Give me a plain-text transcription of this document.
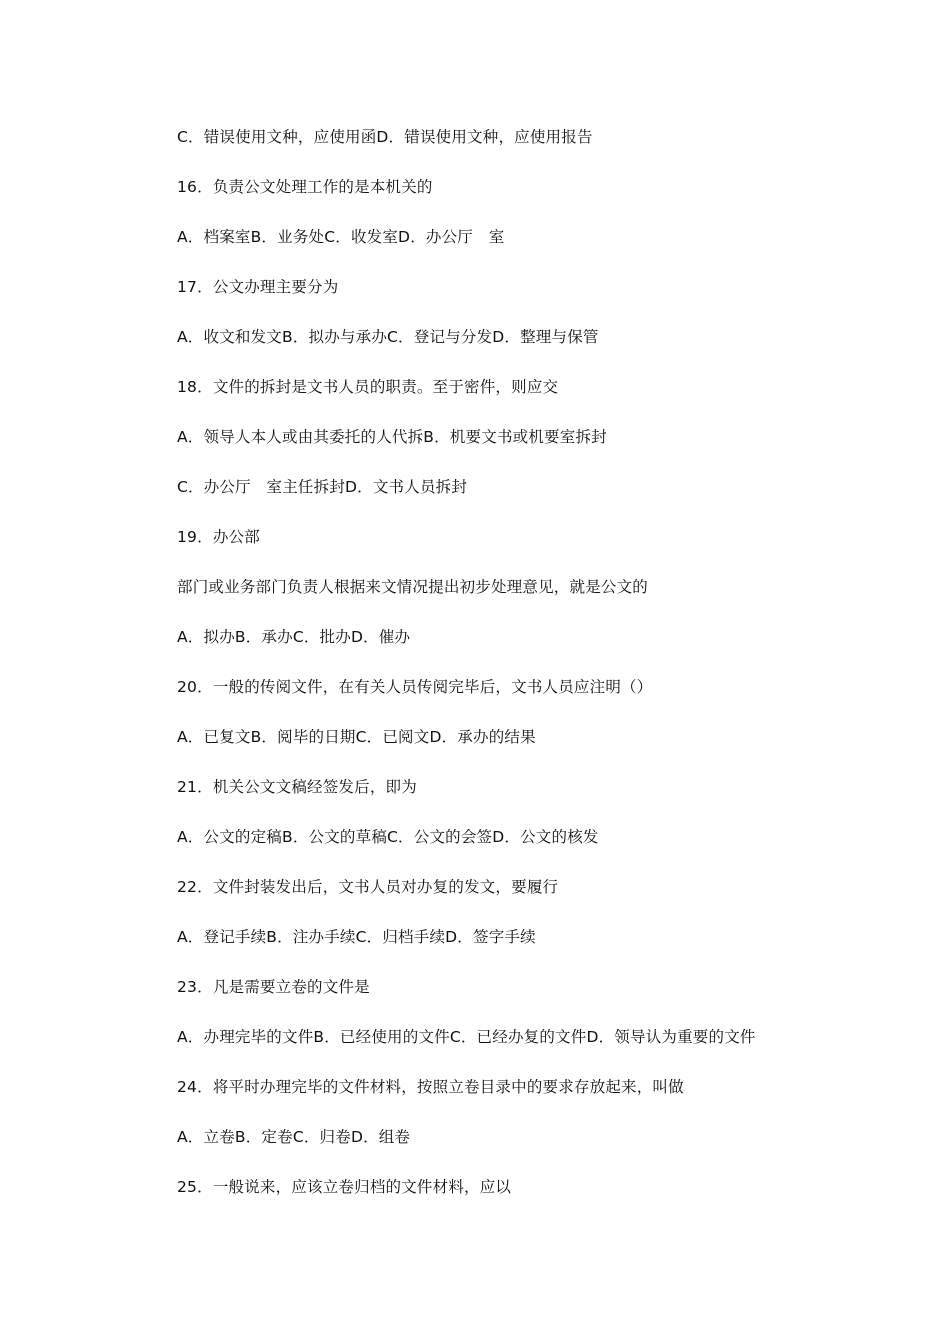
C．错误使用文种，应使用函D．错误使用文种，应使用报告
16．负责公文处理工作的是本机关的
A．档案室B．业务处C．收发室D．办公厅　室
17．公文办理主要分为
A．收文和发文B．拟办与承办C．登记与分发D．整理与保管
18．文件的拆封是文书人员的职责。至于密件，则应交
A．领导人本人或由其委托的人代拆B．机要文书或机要室拆封
C．办公厅　室主任拆封D．文书人员拆封
19．办公部
部门或业务部门负责人根据来文情况提出初步处理意见，就是公文的
A．拟办B．承办C．批办D．催办
20．一般的传阅文件，在有关人员传阅完毕后，文书人员应注明（）
A．已复文B．阅毕的日期C．已阅文D．承办的结果
21．机关公文文稿经签发后，即为
A．公文的定稿B．公文的草稿C．公文的会签D．公文的核发
22．文件封装发出后，文书人员对办复的发文，要履行
A．登记手续B．注办手续C．归档手续D．签字手续
23．凡是需要立卷的文件是
A．办理完毕的文件B．已经使用的文件C．已经办复的文件D．领导认为重要的文件
24．将平时办理完毕的文件材料，按照立卷目录中的要求存放起来，叫做
A．立卷B．定卷C．归卷D．组卷
25．一般说来，应该立卷归档的文件材料，应以
